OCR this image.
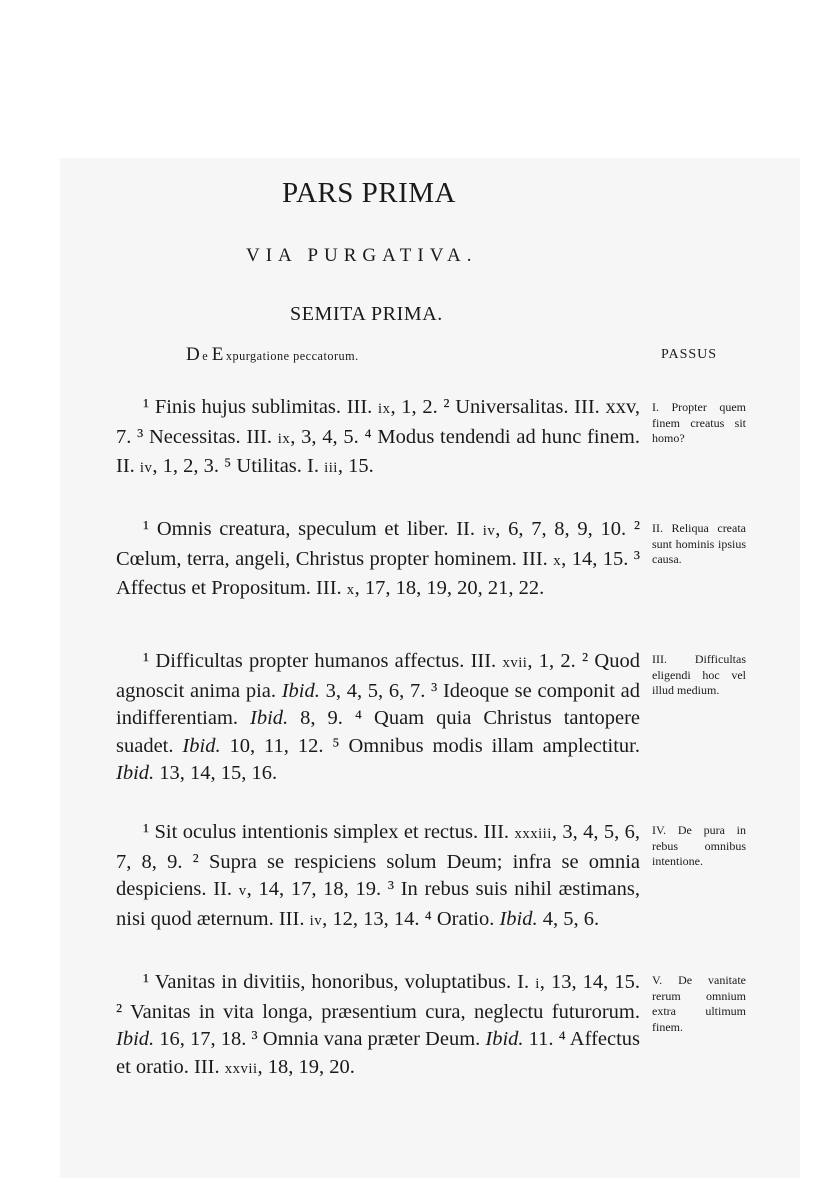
PARS PRIMA
VIA PURGATIVA.
SEMITA PRIMA.
De Expurgatione peccatorum.	PASSUS

¹ Finis hujus sublimitas. III. ix, 1, 2. ² Universalitas. III. xxv, 7. ³ Necessitas. III. ix, 3, 4, 5. ⁴ Modus tendendi ad hunc finem. II. iv, 1, 2, 3. ⁵ Utilitas. I. iii, 15.

I. Propter quem finem creatus sit homo?

¹ Omnis creatura, speculum et liber. II. iv, 6, 7, 8, 9, 10. ² Cœlum, terra, angeli, Christus propter hominem. III. x, 14, 15. ³ Affectus et Propositum. III. x, 17, 18, 19, 20, 21, 22.

II. Reliqua creata sunt hominis ipsius causa.

¹ Difficultas propter humanos affectus. III. xvii, 1, 2. ² Quod agnoscit anima pia. Ibid. 3, 4, 5, 6, 7. ³ Ideoque se componit ad indifferentiam. Ibid. 8, 9. ⁴ Quam quia Christus tantopere suadet. Ibid. 10, 11, 12. ⁵ Omnibus modis illam amplectitur. Ibid. 13, 14, 15, 16.

III. Difficultas eligendi hoc vel illud medium.

¹ Sit oculus intentionis simplex et rectus. III. xxxiii, 3, 4, 5, 6, 7, 8, 9. ² Supra se respiciens solum Deum; infra se omnia despiciens. II. v, 14, 17, 18, 19. ³ In rebus suis nihil æstimans, nisi quod æternum. III. iv, 12, 13, 14. ⁴ Oratio. Ibid. 4, 5, 6.

IV. De pura in rebus omnibus intentione.

¹ Vanitas in divitiis, honoribus, voluptatibus. I. i, 13, 14, 15. ² Vanitas in vita longa, præsentium cura, neglectu futurorum. Ibid. 16, 17, 18. ³ Omnia vana præter Deum. Ibid. 11. ⁴ Affectus et oratio. III. xxvii, 18, 19, 20.

V. De vanitate rerum omnium extra ultimum finem.
